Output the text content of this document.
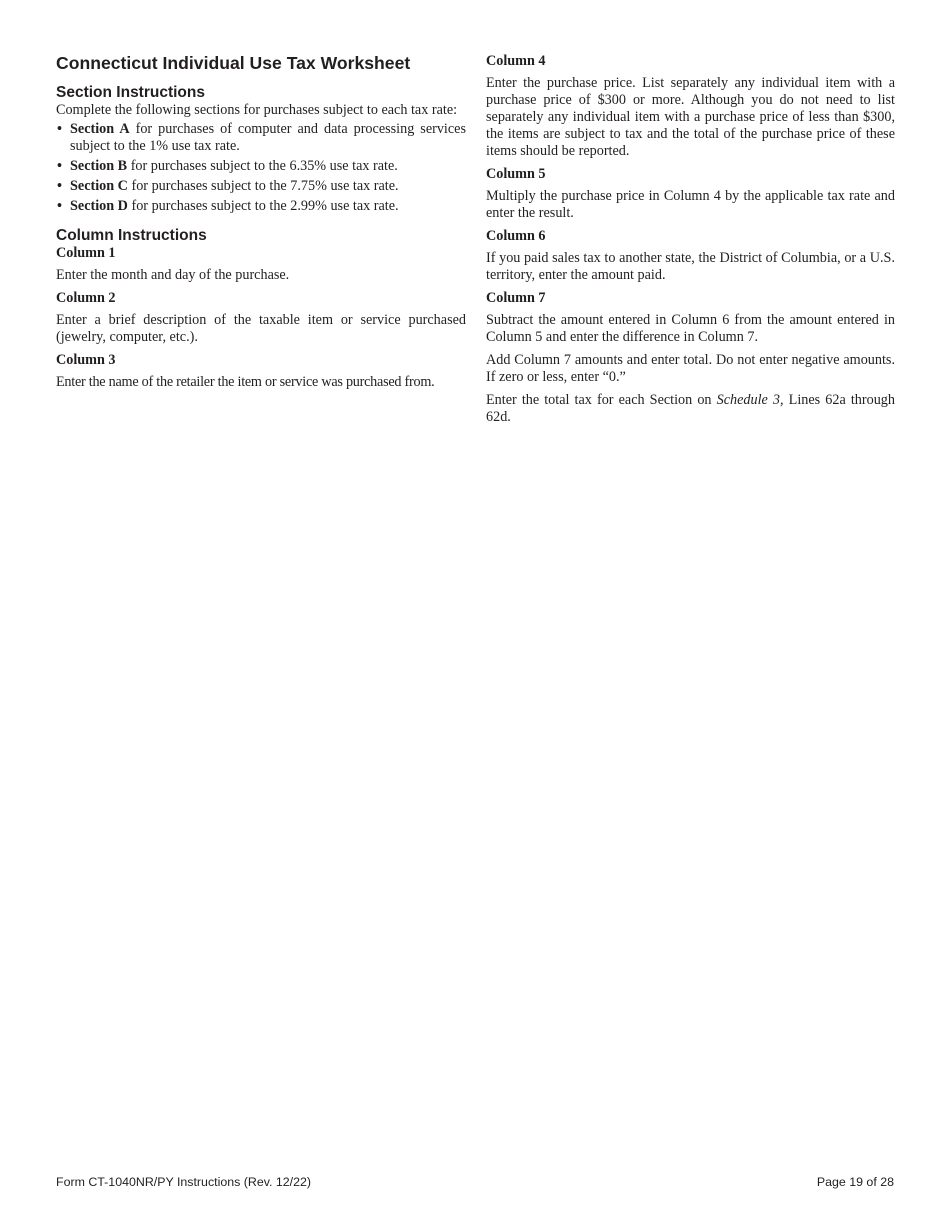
Connecticut Individual Use Tax Worksheet
Section Instructions

Complete the following sections for purchases subject to each tax rate:

• Section A for purchases of computer and data processing services subject to the 1% use tax rate.
• Section B for purchases subject to the 6.35% use tax rate.
• Section C for purchases subject to the 7.75% use tax rate.
• Section D for purchases subject to the 2.99% use tax rate.
Column Instructions

Column 1

Enter the month and day of the purchase.

Column 2

Enter a brief description of the taxable item or service purchased (jewelry, computer, etc.).

Column 3

Enter the name of the retailer the item or service was purchased from.

Column 4

Enter the purchase price. List separately any individual item with a purchase price of $300 or more. Although you do not need to list separately any individual item with a purchase price of less than $300, the items are subject to tax and the total of the purchase price of these items should be reported.

Column 5

Multiply the purchase price in Column 4 by the applicable tax rate and enter the result.

Column 6

If you paid sales tax to another state, the District of Columbia, or a U.S. territory, enter the amount paid.

Column 7

Subtract the amount entered in Column 6 from the amount entered in Column 5 and enter the difference in Column 7.

Add Column 7 amounts and enter total. Do not enter negative amounts. If zero or less, enter “0.”

Enter the total tax for each Section on Schedule 3, Lines 62a through 62d.

Form CT-1040NR/PY Instructions (Rev. 12/22)	Page 19 of 28
